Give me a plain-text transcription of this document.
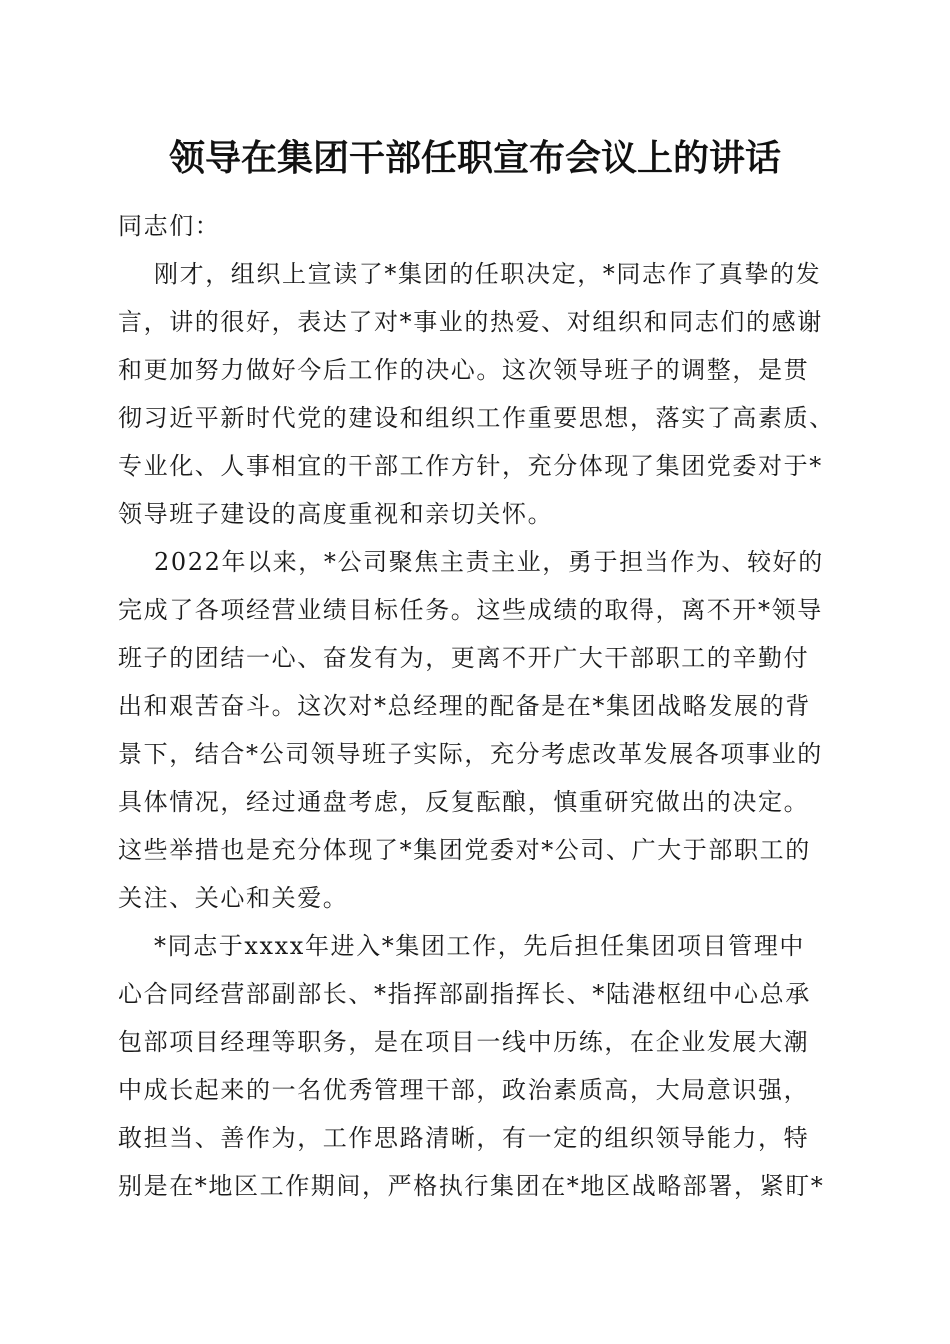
领导在集团干部任职宣布会议上的讲话
同志们：
刚才，组织上宣读了*集团的任职决定，*同志作了真挚的发
言，讲的很好，表达了对*事业的热爱、对组织和同志们的感谢
和更加努力做好今后工作的决心。这次领导班子的调整，是贯
彻习近平新时代党的建设和组织工作重要思想，落实了高素质、
专业化、人事相宜的干部工作方针，充分体现了集团党委对于*
领导班子建设的高度重视和亲切关怀。
2022年以来，*公司聚焦主责主业，勇于担当作为、较好的
完成了各项经营业绩目标任务。这些成绩的取得，离不开*领导
班子的团结一心、奋发有为，更离不开广大干部职工的辛勤付
出和艰苦奋斗。这次对*总经理的配备是在*集团战略发展的背
景下，结合*公司领导班子实际，充分考虑改革发展各项事业的
具体情况，经过通盘考虑，反复酝酿，慎重研究做出的决定。
这些举措也是充分体现了*集团党委对*公司、广大于部职工的
关注、关心和关爱。
*同志于xxxx年进入*集团工作，先后担任集团项目管理中
心合同经营部副部长、*指挥部副指挥长、*陆港枢纽中心总承
包部项目经理等职务，是在项目一线中历练，在企业发展大潮
中成长起来的一名优秀管理干部，政治素质高，大局意识强，
敢担当、善作为，工作思路清晰，有一定的组织领导能力，特
别是在*地区工作期间，严格执行集团在*地区战略部署，紧盯*
